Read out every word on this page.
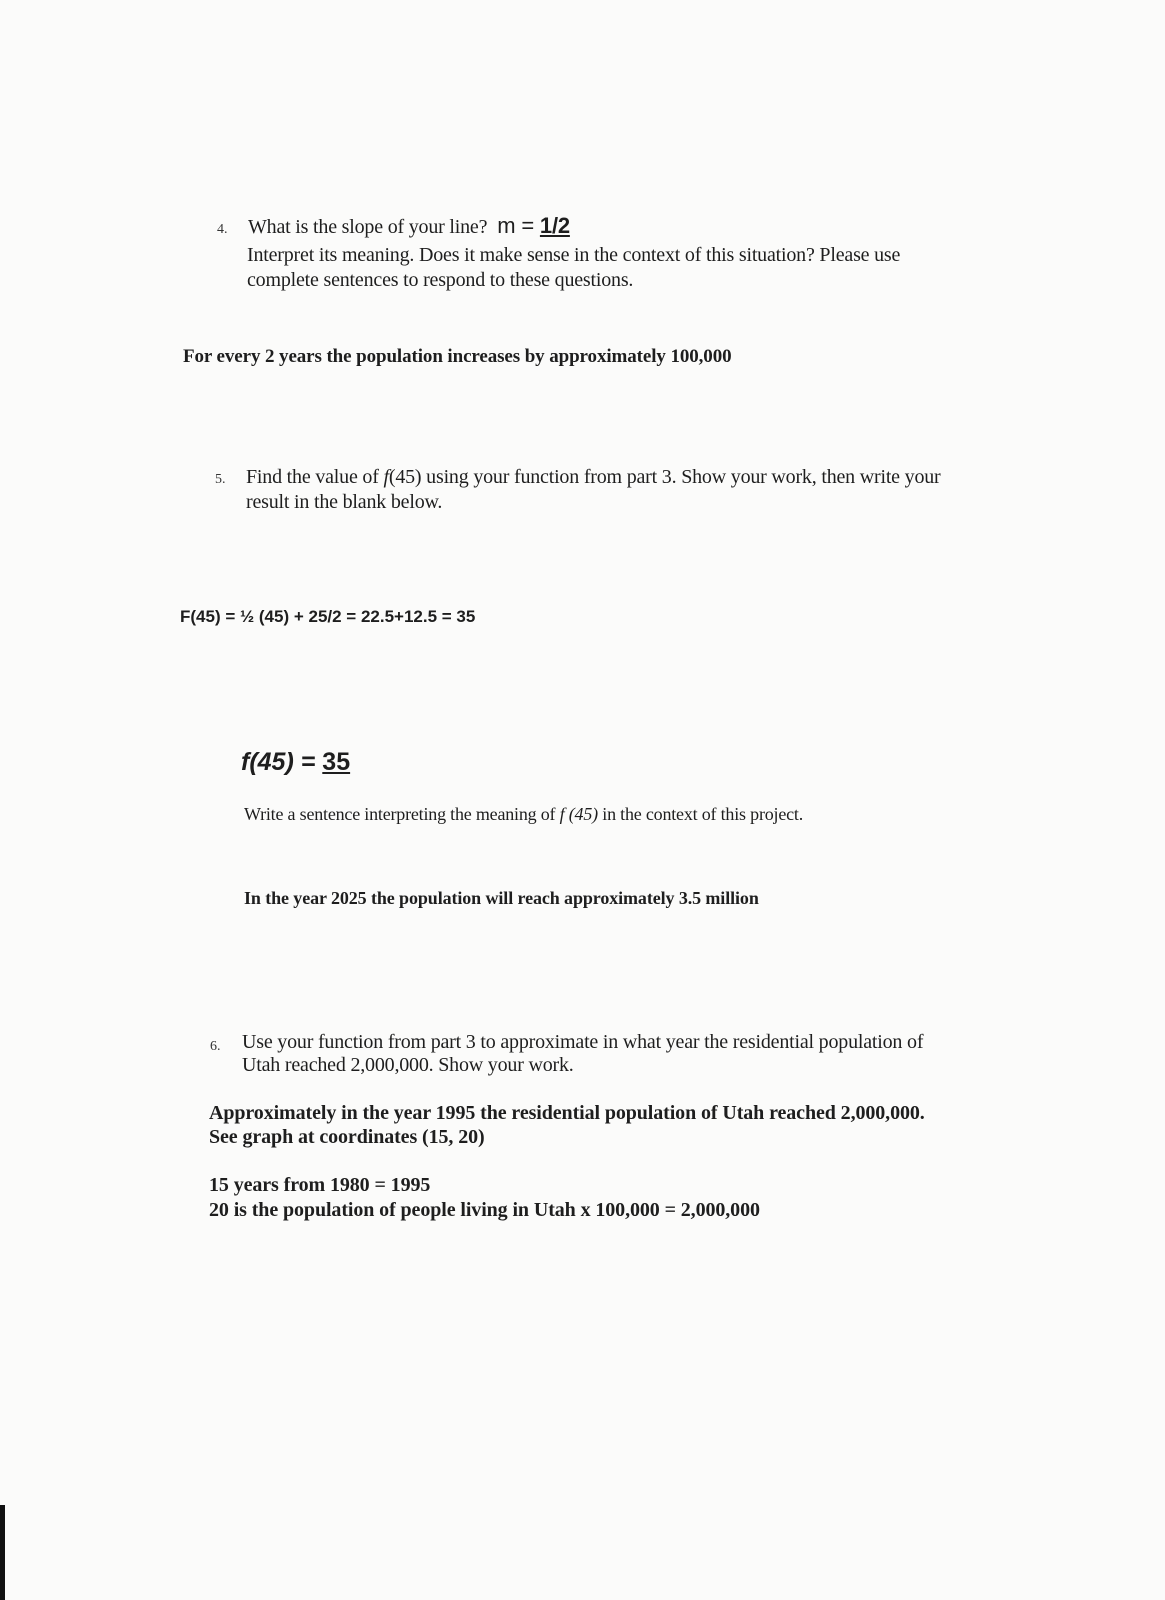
4. What is the slope of your line? m = 1/2
Interpret its meaning. Does it make sense in the context of this situation? Please use
complete sentences to respond to these questions.
For every 2 years the population increases by approximately 100,000
5. Find the value of f(45) using your function from part 3. Show your work, then write your
result in the blank below.
F(45) = ½ (45) + 25/2 = 22.5+12.5 = 35
f(45) = 35
Write a sentence interpreting the meaning of f (45) in the context of this project.
In the year 2025 the population will reach approximately 3.5 million
6. Use your function from part 3 to approximate in what year the residential population of
Utah reached 2,000,000. Show your work.
Approximately in the year 1995 the residential population of Utah reached 2,000,000.
See graph at coordinates (15, 20)
15 years from 1980 = 1995
20 is the population of people living in Utah x 100,000 = 2,000,000
